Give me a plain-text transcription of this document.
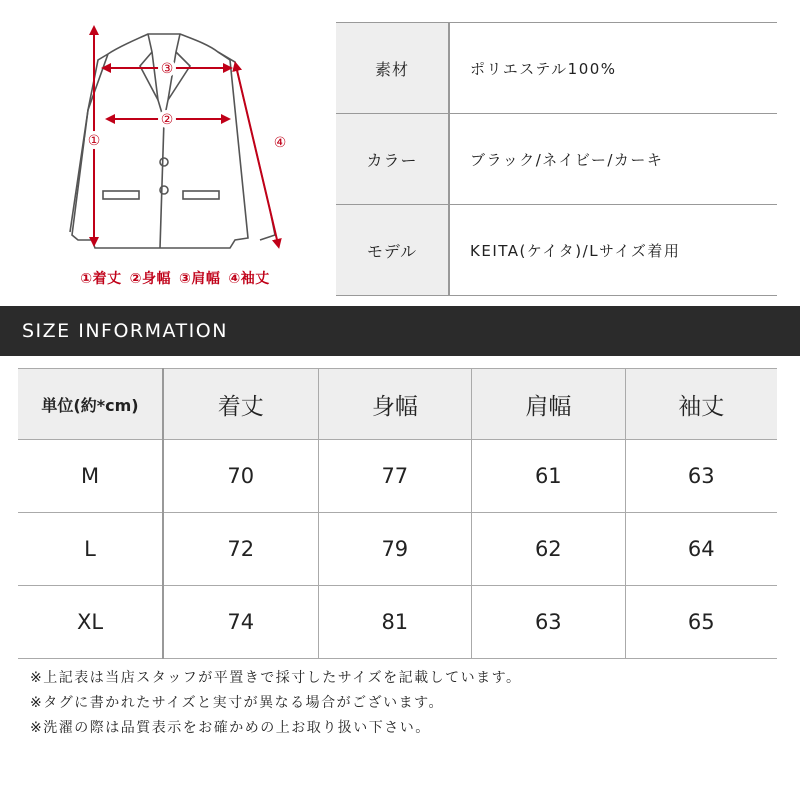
①
②
③
④
①着丈 ②身幅 ③肩幅 ④袖丈
素材	ポリエステル100%
カラー	ブラック/ネイビー/カーキ
モデル	KEITA(ケイタ)/Lサイズ着用
SIZE INFORMATION
単位(約*cm)	着丈	身幅	肩幅	袖丈
M	70	77	61	63
L	72	79	62	64
XL	74	81	63	65
※上記表は当店スタッフが平置きで採寸したサイズを記載しています。
※タグに書かれたサイズと実寸が異なる場合がございます。
※洗濯の際は品質表示をお確かめの上お取り扱い下さい。
